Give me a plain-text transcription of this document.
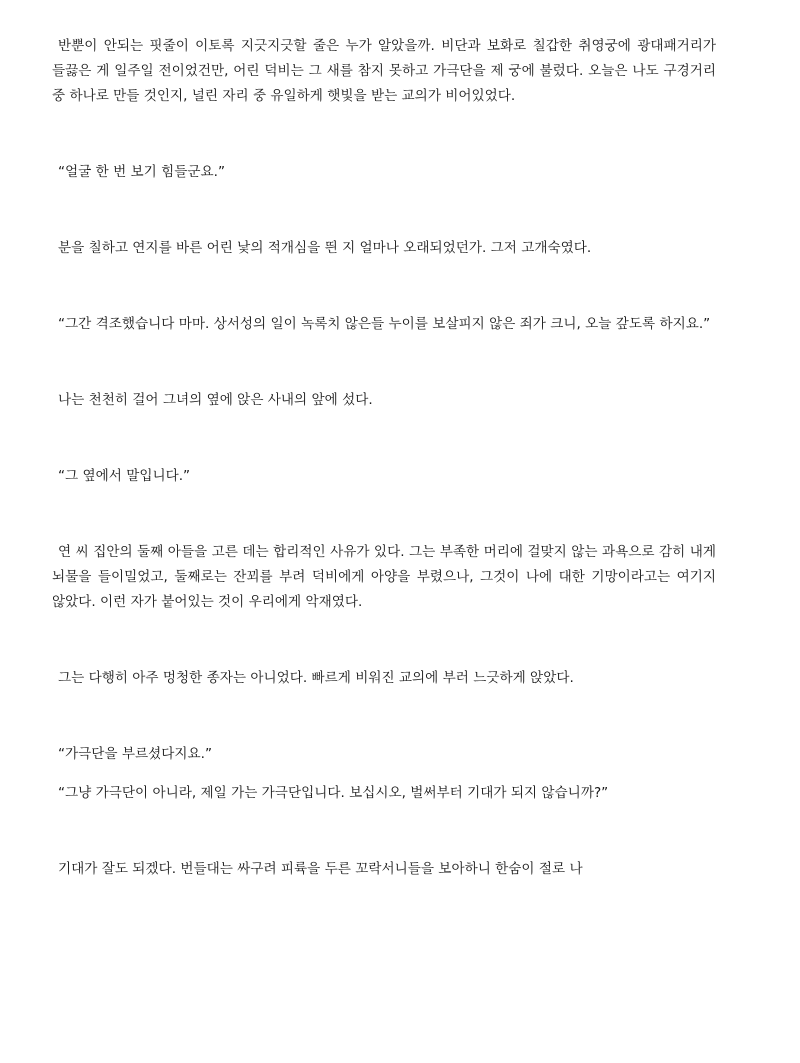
반뿐이 안되는 핏줄이 이토록 지긋지긋할 줄은 누가 알았을까. 비단과 보화로 칠갑한 취영궁에 광대패거리가 들끓은 게 일주일 전이었건만, 어린 덕비는 그 새를 참지 못하고 가극단을 제 궁에 불렀다. 오늘은 나도 구경거리 중 하나로 만들 것인지, 널린 자리 중 유일하게 햇빛을 받는 교의가 비어있었다.

“얼굴 한 번 보기 힘들군요.”

분을 칠하고 연지를 바른 어린 낯의 적개심을 띈 지 얼마나 오래되었던가. 그저 고개숙였다.

“그간 격조했습니다 마마. 상서성의 일이 녹록치 않은들 누이를 보살피지 않은 죄가 크니, 오늘 갚도록 하지요.”

나는 천천히 걸어 그녀의 옆에 앉은 사내의 앞에 섰다.

“그 옆에서 말입니다.”

연 씨 집안의 둘째 아들을 고른 데는 합리적인 사유가 있다. 그는 부족한 머리에 걸맞지 않는 과욕으로 감히 내게 뇌물을 들이밀었고, 둘째로는 잔꾀를 부려 덕비에게 아양을 부렸으나, 그것이 나에 대한 기망이라고는 여기지 않았다. 이런 자가 붙어있는 것이 우리에게 악재였다.

그는 다행히 아주 멍청한 종자는 아니었다. 빠르게 비워진 교의에 부러 느긋하게 앉았다.

“가극단을 부르셨다지요.”

“그냥 가극단이 아니라, 제일 가는 가극단입니다. 보십시오, 벌써부터 기대가 되지 않습니까?”

기대가 잘도 되겠다. 번들대는 싸구려 피륙을 두른 꼬락서니들을 보아하니 한숨이 절로 나
